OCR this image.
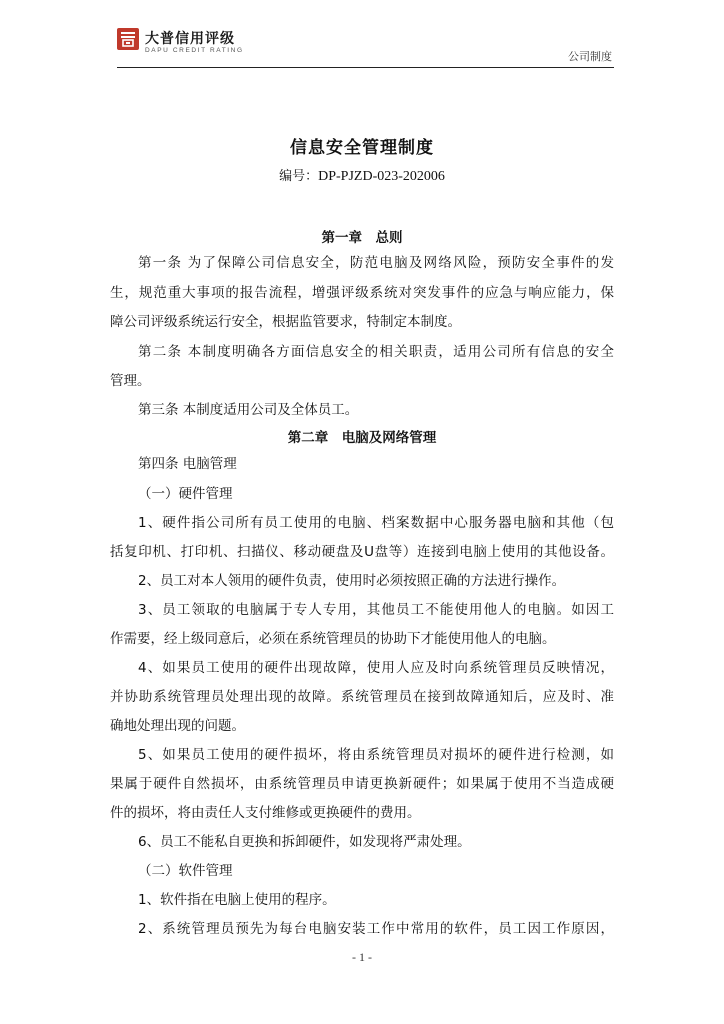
大普信用评级
DAPU CREDIT RATING	公司制度
信息安全管理制度
编号：DP-PJZD-023-202006
第一章　总则
第一条 为了保障公司信息安全，防范电脑及网络风险，预防安全事件的发
生，规范重大事项的报告流程，增强评级系统对突发事件的应急与响应能力，保
障公司评级系统运行安全，根据监管要求，特制定本制度。
第二条 本制度明确各方面信息安全的相关职责，适用公司所有信息的安全
管理。
第三条 本制度适用公司及全体员工。
第二章　电脑及网络管理
第四条 电脑管理
（一）硬件管理
1、硬件指公司所有员工使用的电脑、档案数据中心服务器电脑和其他（包
括复印机、打印机、扫描仪、移动硬盘及U盘等）连接到电脑上使用的其他设备。
2、员工对本人领用的硬件负责，使用时必须按照正确的方法进行操作。
3、员工领取的电脑属于专人专用，其他员工不能使用他人的电脑。如因工
作需要，经上级同意后，必须在系统管理员的协助下才能使用他人的电脑。
4、如果员工使用的硬件出现故障，使用人应及时向系统管理员反映情况，
并协助系统管理员处理出现的故障。系统管理员在接到故障通知后，应及时、准
确地处理出现的问题。
5、如果员工使用的硬件损坏，将由系统管理员对损坏的硬件进行检测，如
果属于硬件自然损坏，由系统管理员申请更换新硬件；如果属于使用不当造成硬
件的损坏，将由责任人支付维修或更换硬件的费用。
6、员工不能私自更换和拆卸硬件，如发现将严肃处理。
（二）软件管理
1、软件指在电脑上使用的程序。
2、系统管理员预先为每台电脑安装工作中常用的软件，员工因工作原因，
- 1 -
